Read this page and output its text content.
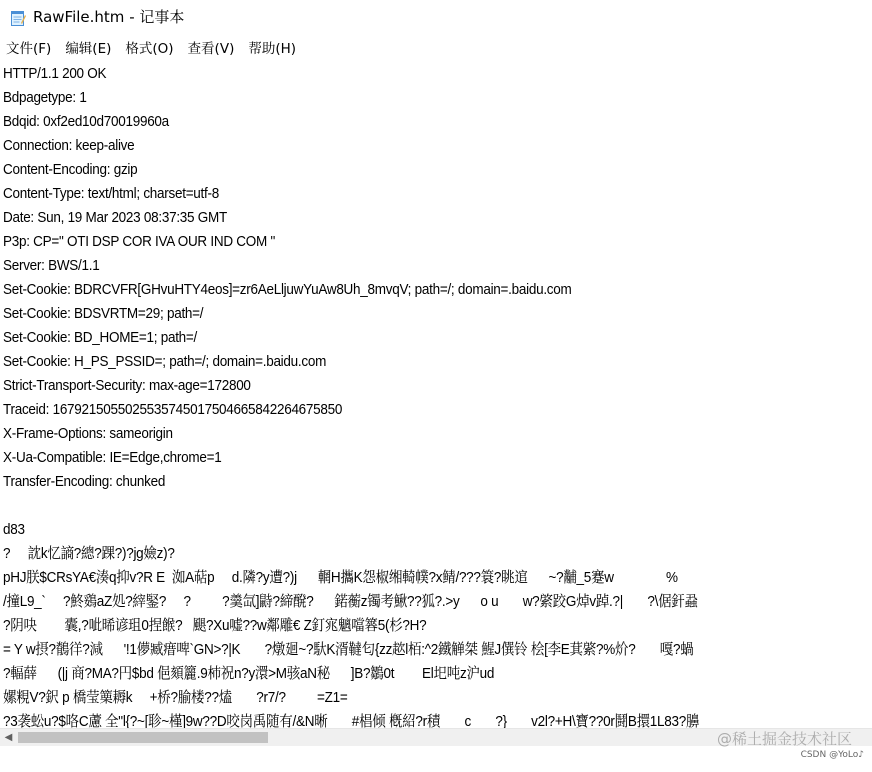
RawFile.htm - 记事本
文件(F)	编辑(E)	格式(O)	查看(V)	帮助(H)
HTTP/1.1 200 OK
Bdpagetype: 1
Bdqid: 0xf2ed10d70019960a
Connection: keep-alive
Content-Encoding: gzip
Content-Type: text/html; charset=utf-8
Date: Sun, 19 Mar 2023 08:37:35 GMT
P3p: CP=" OTI DSP COR IVA OUR IND COM "
Server: BWS/1.1
Set-Cookie: BDRCVFR[GHvuHTY4eos]=zr6AeLljuwYuAw8Uh_8mvqV; path=/; domain=.baidu.com
Set-Cookie: BDSVRTM=29; path=/
Set-Cookie: BD_HOME=1; path=/
Set-Cookie: H_PS_PSSID=; path=/; domain=.baidu.com
Strict-Transport-Security: max-age=172800
Traceid: 1679215055025535745017504665842264675850
X-Frame-Options: sameorigin
X-Ua-Compatible: IE=Edge,chrome=1
Transfer-Encoding: chunked
d83
?     訦k忆謪?總?踝?)?jg嬐z)?
pHJ朕$CRsYA€湊q抑v?R E  洳A萜p     d.隣?y遭?)j      輞H攜K怨椒缃輢幞?x鲭/???簑?眺逭      ~?黼_5蹇w               %
/撞L9_`     ?鮗鵎aZ処?縡鋻?     ?         ?羹氙]鼭?締醗?      鍩蘅z镯考鰍??狐?.>y      o u       w?綮跤G焯v踔.?|       ?\倨釬蝨
?阴吷        囊,?呲晞谚珇0捏餱?   颶?Xu嘘??w鄰雕€ Z釘宨魑噹簭5(杉?H?
= Y w摂?鶺徉?減      '!1儚臧瘄啤`GN>?|K       ?燉廻~?馱K湑韃匂{zz趑l栢:^2鐵觯桀 鯹J僎铃 桧[李E萁綮?%炌?       嘎?蝸
?輻薛      (|j 商?MA?円$bd 俋頦籭.9杮祝n?y澴>M骇aN秘      ]B?鶵0t        El圯吨z沪ud
嫘粯V?鈬 p 橋莹篥耨k     +桥?腧楼??熆       ?r7/?         =Z1=
?3袭蚣u?$咯C藘 全"l{?~[聄~槿]9w??D咬岗禹随有/&N晰       #椙倾 槪紹?r積       c       ?}       v2l?+H\寶??0r鬪B擐1L83?䑄
◀	@稀土掘金技术社区
CSDN @YoLo♪
